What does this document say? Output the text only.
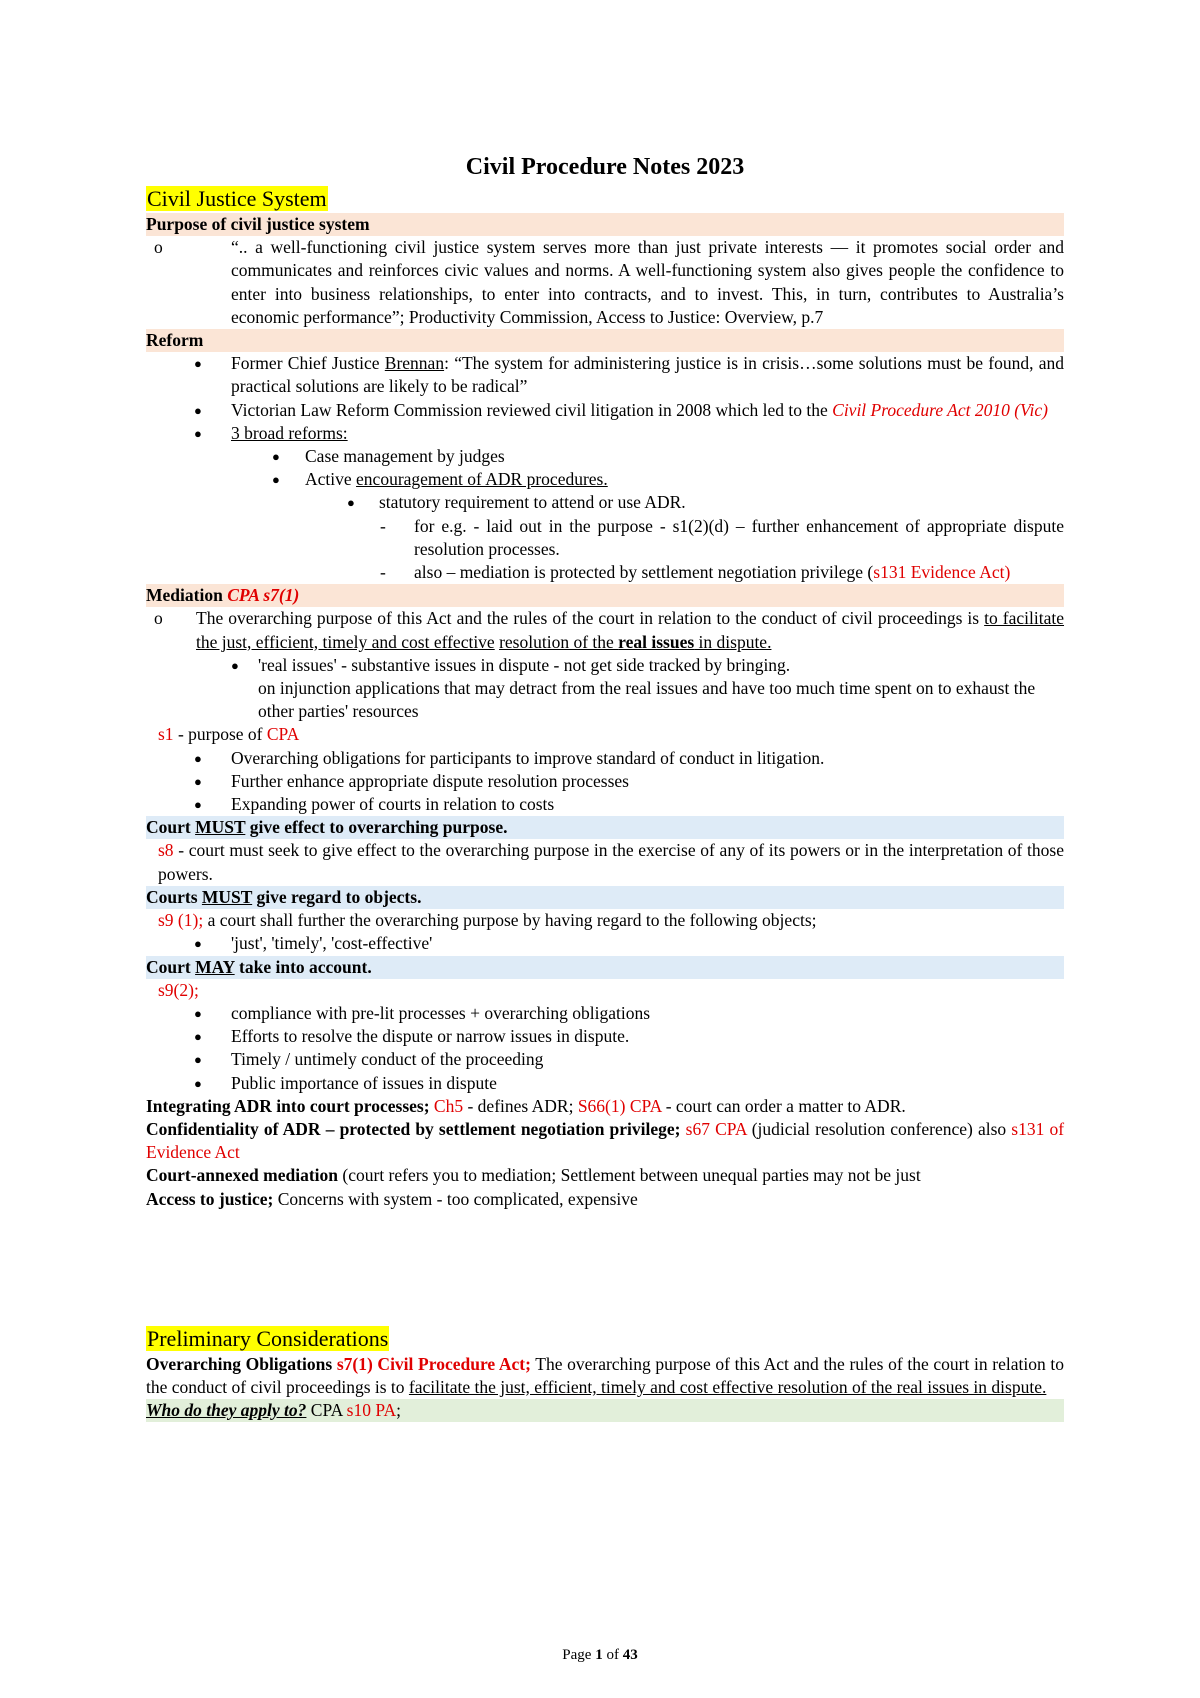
Civil Procedure Notes 2023
Civil Justice System
Purpose of civil justice system
o	“.. a well-functioning civil justice system serves more than just private interests — it promotes social order and communicates and reinforces civic values and norms. A well-functioning system also gives people the confidence to enter into business relationships, to enter into contracts, and to invest. This, in turn, contributes to Australia’s economic performance”; Productivity Commission, Access to Justice: Overview, p.7
Reform
● Former Chief Justice Brennan: “The system for administering justice is in crisis…some solutions must be found, and practical solutions are likely to be radical”
● Victorian Law Reform Commission reviewed civil litigation in 2008 which led to the Civil Procedure Act 2010 (Vic)
● 3 broad reforms:
● Case management by judges
● Active encouragement of ADR procedures.
● statutory requirement to attend or use ADR.
- for e.g. - laid out in the purpose - s1(2)(d) – further enhancement of appropriate dispute resolution processes.
- also – mediation is protected by settlement negotiation privilege (s131 Evidence Act)
Mediation CPA s7(1)
o The overarching purpose of this Act and the rules of the court in relation to the conduct of civil proceedings is to facilitate the just, efficient, timely and cost effective resolution of the real issues in dispute.
● 'real issues' - substantive issues in dispute - not get side tracked by bringing.
on injunction applications that may detract from the real issues and have too much time spent on to exhaust the other parties' resources
s1 - purpose of CPA
● Overarching obligations for participants to improve standard of conduct in litigation.
● Further enhance appropriate dispute resolution processes
● Expanding power of courts in relation to costs
Court MUST give effect to overarching purpose.
s8 - court must seek to give effect to the overarching purpose in the exercise of any of its powers or in the interpretation of those powers.
Courts MUST give regard to objects.
s9 (1); a court shall further the overarching purpose by having regard to the following objects;
● 'just', 'timely', 'cost-effective'
Court MAY take into account.
s9(2);
● compliance with pre-lit processes + overarching obligations
● Efforts to resolve the dispute or narrow issues in dispute.
● Timely / untimely conduct of the proceeding
● Public importance of issues in dispute
Integrating ADR into court processes; Ch5 - defines ADR; S66(1) CPA - court can order a matter to ADR.
Confidentiality of ADR – protected by settlement negotiation privilege; s67 CPA (judicial resolution conference) also s131 of Evidence Act
Court-annexed mediation (court refers you to mediation; Settlement between unequal parties may not be just
Access to justice; Concerns with system - too complicated, expensive
Preliminary Considerations
Overarching Obligations s7(1) Civil Procedure Act; The overarching purpose of this Act and the rules of the court in relation to the conduct of civil proceedings is to facilitate the just, efficient, timely and cost effective resolution of the real issues in dispute.
Who do they apply to? CPA s10 PA;
Page 1 of 43
